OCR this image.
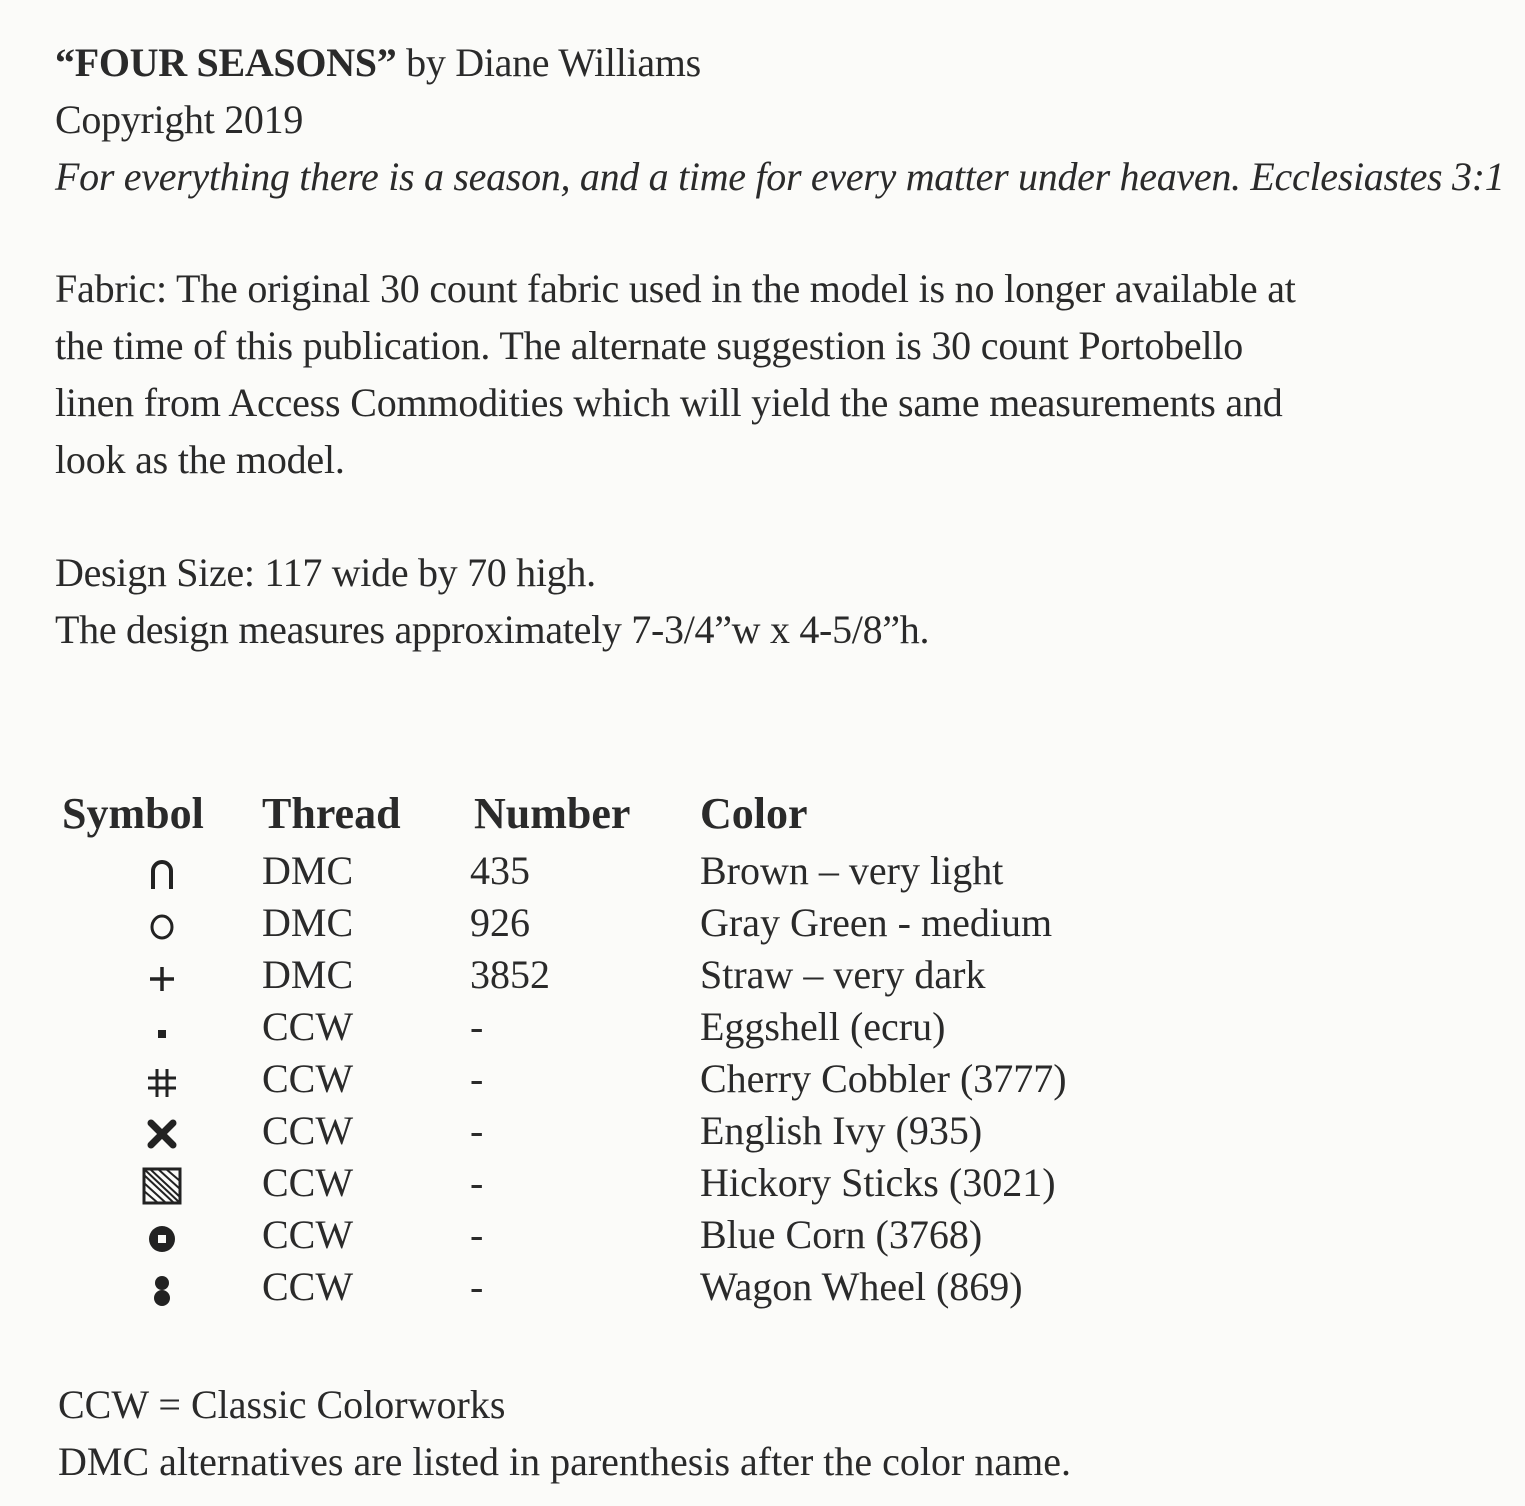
“FOUR SEASONS” by Diane Williams
Copyright 2019
For everything there is a season, and a time for every matter under heaven. Ecclesiastes 3:1
Fabric: The original 30 count fabric used in the model is no longer available at
the time of this publication. The alternate suggestion is 30 count Portobello
linen from Access Commodities which will yield the same measurements and
look as the model.
Design Size: 117 wide by 70 high.
The design measures approximately 7-3/4”w x 4-5/8”h.
Symbol	Thread	Number	Color
	DMC	435	Brown – very light
	DMC	926	Gray Green - medium
	DMC	3852	Straw – very dark
	CCW	-	Eggshell (ecru)
	CCW	-	Cherry Cobbler (3777)
	CCW	-	English Ivy (935)
	CCW	-	Hickory Sticks (3021)
	CCW	-	Blue Corn (3768)
	CCW	-	Wagon Wheel (869)
CCW = Classic Colorworks
DMC alternatives are listed in parenthesis after the color name.
